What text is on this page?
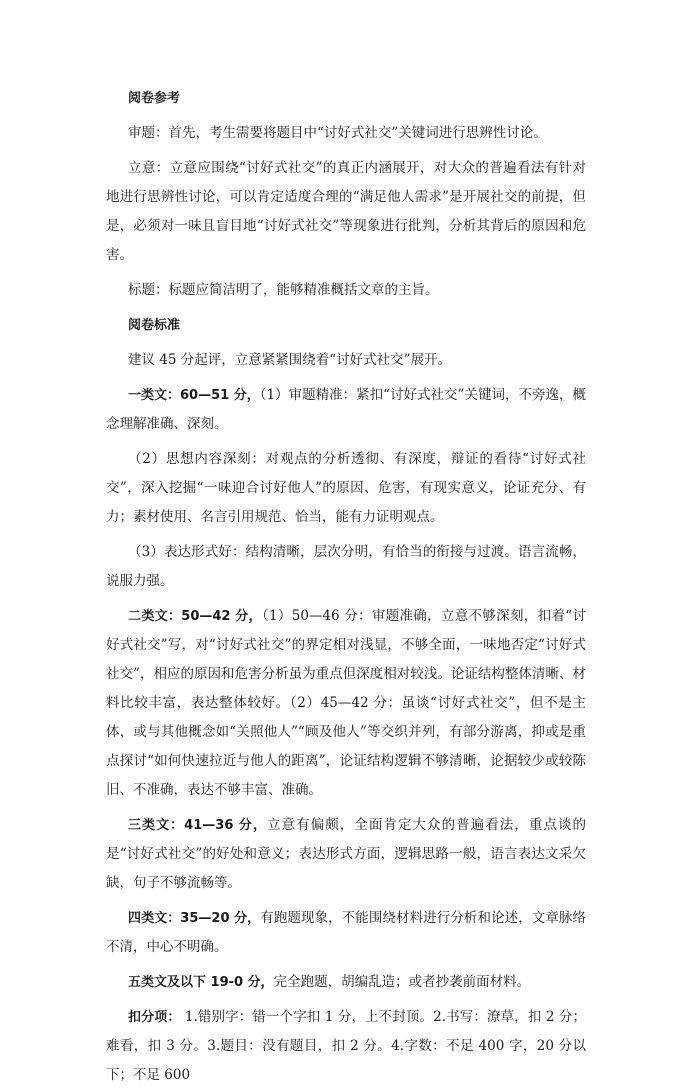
阅卷参考

审题：首先，考生需要将题目中“讨好式社交”关键词进行思辨性讨论。

立意：立意应围绕“讨好式社交”的真正内涵展开，对大众的普遍看法有针对地进行思辨性讨论，可以肯定适度合理的“满足他人需求”是开展社交的前提，但是，必须对一味且盲目地“讨好式社交”等现象进行批判，分析其背后的原因和危害。

标题：标题应简洁明了，能够精准概括文章的主旨。

阅卷标准

建议 45 分起评，立意紧紧围绕着“讨好式社交”展开。

一类文：60—51 分，（1）审题精准：紧扣“讨好式社交”关键词，不旁逸，概念理解准确、深刻。

（2）思想内容深刻：对观点的分析透彻、有深度，辩证的看待“讨好式社交”，深入挖掘“一味迎合讨好他人”的原因、危害，有现实意义，论证充分、有力；素材使用、名言引用规范、恰当，能有力证明观点。

（3）表达形式好：结构清晰，层次分明，有恰当的衔接与过渡。语言流畅，说服力强。

二类文：50—42 分，（1）50—46 分：审题准确，立意不够深刻，扣着“讨好式社交”写，对“讨好式社交”的界定相对浅显，不够全面，一味地否定“讨好式社交”，相应的原因和危害分析虽为重点但深度相对较浅。论证结构整体清晰、材料比较丰富，表达整体较好。（2）45—42 分：虽谈“讨好式社交”，但不是主体，或与其他概念如“关照他人”“顾及他人”等交织并列，有部分游离，抑或是重点探讨“如何快速拉近与他人的距离”，论证结构逻辑不够清晰，论据较少或较陈旧、不准确，表达不够丰富、准确。

三类文：41—36 分，立意有偏颇，全面肯定大众的普遍看法，重点谈的是“讨好式社交”的好处和意义；表达形式方面，逻辑思路一般，语言表达文采欠缺，句子不够流畅等。

四类文：35—20 分，有跑题现象，不能围绕材料进行分析和论述，文章脉络不清，中心不明确。

五类文及以下 19-0 分，完全跑题，胡编乱造；或者抄袭前面材料。

扣分项： 1.错别字：错一个字扣 1 分，上不封顶。2.书写：潦草，扣 2 分；难看，扣 3 分。3.题目：没有题目，扣 2 分。4.字数：不足 400 字，20 分以下；不足 600
